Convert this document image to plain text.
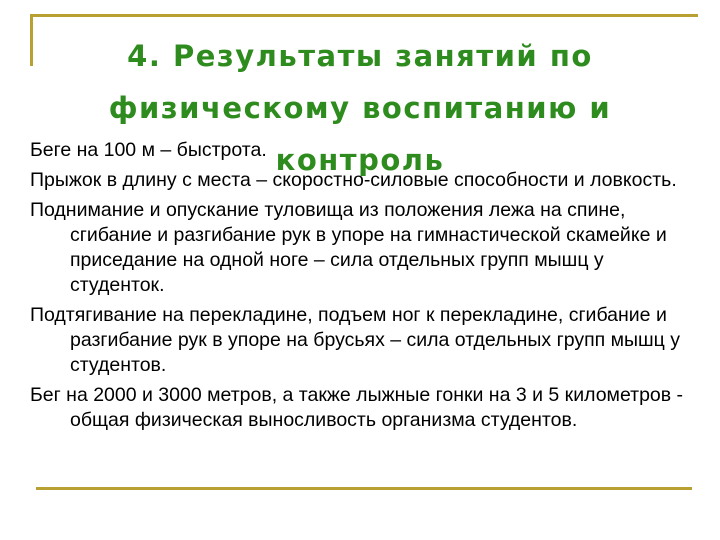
4. Результаты занятий по физическому воспитанию и контроль
Беге на 100 м – быстрота.
Прыжок в длину с места – скоростно-силовые способности и ловкость.
Поднимание и опускание туловища из положения лежа на спине, сгибание и разгибание рук в упоре на гимнастической скамейке и приседание на одной ноге – сила отдельных групп мышц у студенток.
Подтягивание на перекладине, подъем ног к перекладине, сгибание и разгибание рук в упоре на брусьях – сила отдельных групп мышц у студентов.
Бег на 2000 и 3000 метров, а также лыжные гонки на 3 и 5 километров - общая физическая выносливость организма студентов.
